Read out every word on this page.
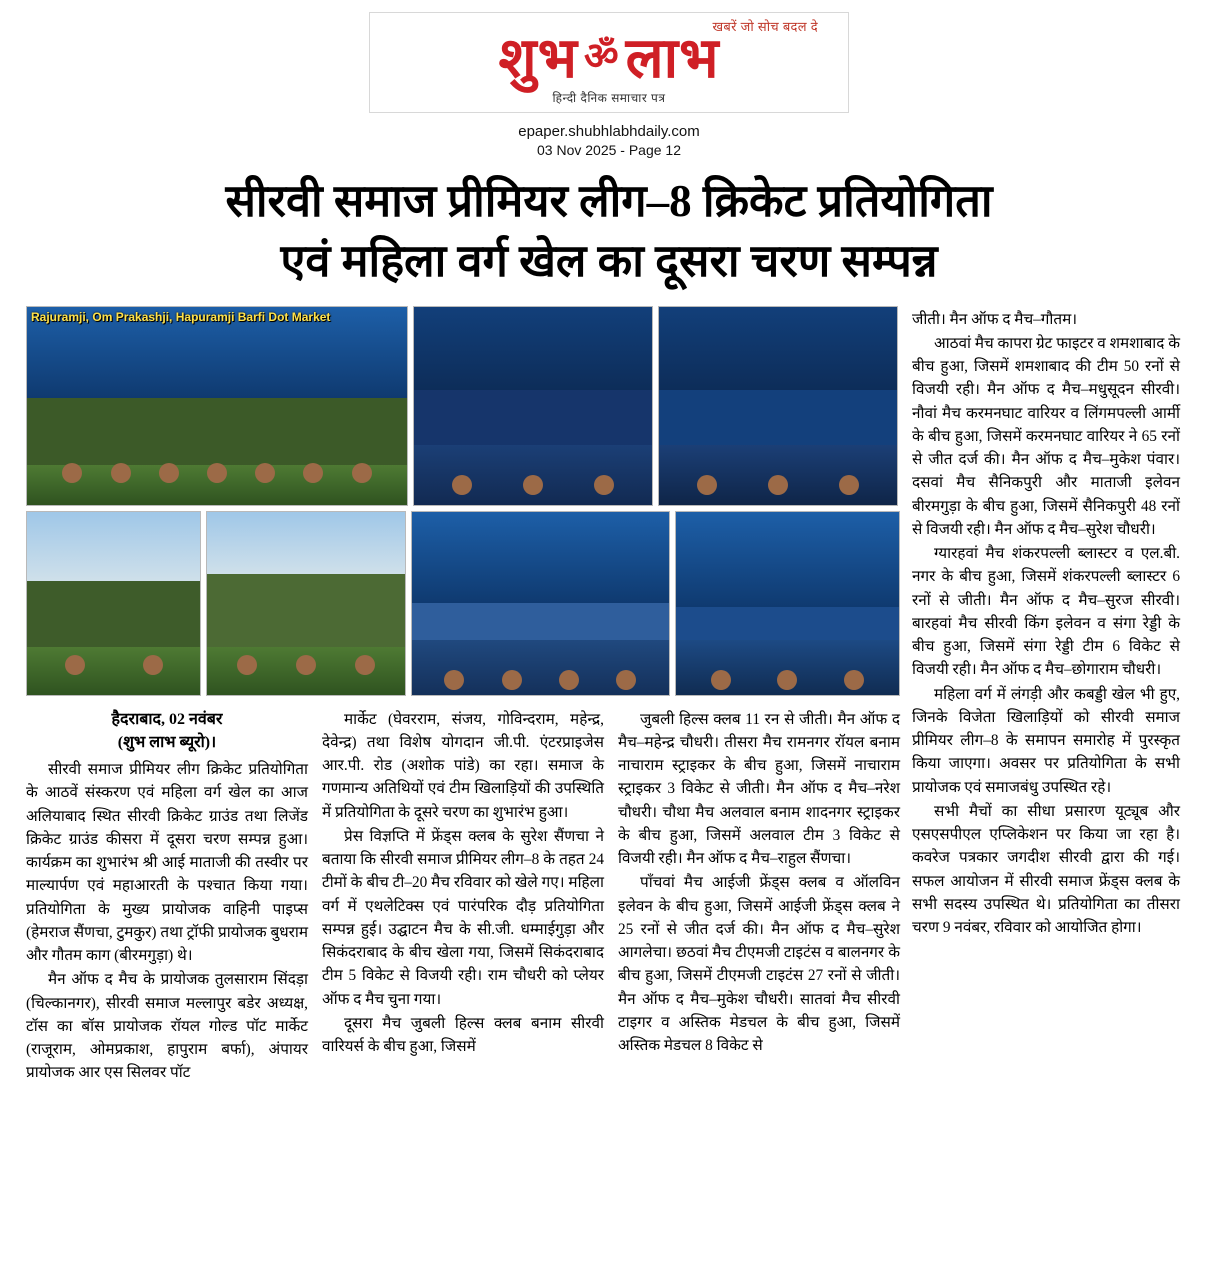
खबरें जो सोच बदल दे
शुभ ॐ लाभ
हिन्दी दैनिक समाचार पत्र
epaper.shubhlabhdaily.com
03 Nov 2025 - Page 12
सीरवी समाज प्रीमियर लीग–8 क्रिकेट प्रतियोगिता
एवं महिला वर्ग खेल का दूसरा चरण सम्पन्न
Rajuramji, Om Prakashji, Hapuramji Barfi Dot Market
हैदराबाद, 02 नवंबर
(शुभ लाभ ब्यूरो)।

सीरवी समाज प्रीमियर लीग क्रिकेट प्रतियोगिता के आठवें संस्करण एवं महिला वर्ग खेल का आज अलियाबाद स्थित सीरवी क्रिकेट ग्राउंड तथा लिजेंड क्रिकेट ग्राउंड कीसरा में दूसरा चरण सम्पन्न हुआ। कार्यक्रम का शुभारंभ श्री आई माताजी की तस्वीर पर माल्यार्पण एवं महाआरती के पश्चात किया गया। प्रतियोगिता के मुख्य प्रायोजक वाहिनी पाइप्स (हेमराज सैंणचा, टुमकुर) तथा ट्रॉफी प्रायोजक बुधराम और गौतम काग (बीरमगुड़ा) थे।

मैन ऑफ द मैच के प्रायोजक तुलसाराम सिंदड़ा (चिल्कानगर), सीरवी समाज मल्लापुर बडेर अध्यक्ष, टॉस का बॉस प्रायोजक रॉयल गोल्ड पॉट मार्केट (राजूराम, ओमप्रकाश, हापुराम बर्फा), अंपायर प्रायोजक आर एस सिलवर पॉट

मार्केट (घेवरराम, संजय, गोविन्दराम, महेन्द्र, देवेन्द्र) तथा विशेष योगदान जी.पी. एंटरप्राइजेस आर.पी. रोड (अशोक पांडे) का रहा। समाज के गणमान्य अतिथियों एवं टीम खिलाड़ियों की उपस्थिति में प्रतियोगिता के दूसरे चरण का शुभारंभ हुआ।

प्रेस विज्ञप्ति में फ्रेंड्स क्लब के सुरेश सैंणचा ने बताया कि सीरवी समाज प्रीमियर लीग–8 के तहत 24 टीमों के बीच टी–20 मैच रविवार को खेले गए। महिला वर्ग में एथलेटिक्स एवं पारंपरिक दौड़ प्रतियोगिता सम्पन्न हुई। उद्घाटन मैच के सी.जी. धम्माईगुड़ा और सिकंदराबाद के बीच खेला गया, जिसमें सिकंदराबाद टीम 5 विकेट से विजयी रही। राम चौधरी को प्लेयर ऑफ द मैच चुना गया।

दूसरा मैच जुबली हिल्स क्लब बनाम सीरवी वारियर्स के बीच हुआ, जिसमें

जुबली हिल्स क्लब 11 रन से जीती। मैन ऑफ द मैच–महेन्द्र चौधरी। तीसरा मैच रामनगर रॉयल बनाम नाचाराम स्ट्राइकर के बीच हुआ, जिसमें नाचाराम स्ट्राइकर 3 विकेट से जीती। मैन ऑफ द मैच–नरेश चौधरी। चौथा मैच अलवाल बनाम शादनगर स्ट्राइकर के बीच हुआ, जिसमें अलवाल टीम 3 विकेट से विजयी रही। मैन ऑफ द मैच–राहुल सैंणचा।

पाँचवां मैच आईजी फ्रेंड्स क्लब व ऑलविन इलेवन के बीच हुआ, जिसमें आईजी फ्रेंड्स क्लब ने 25 रनों से जीत दर्ज की। मैन ऑफ द मैच–सुरेश आगलेचा। छठवां मैच टीएमजी टाइटंस व बालनगर के बीच हुआ, जिसमें टीएमजी टाइटंस 27 रनों से जीती। मैन ऑफ द मैच–मुकेश चौधरी। सातवां मैच सीरवी टाइगर व अस्तिक मेडचल के बीच हुआ, जिसमें अस्तिक मेडचल 8 विकेट से

जीती। मैन ऑफ द मैच–गौतम।

आठवां मैच कापरा ग्रेट फाइटर व शमशाबाद के बीच हुआ, जिसमें शमशाबाद की टीम 50 रनों से विजयी रही। मैन ऑफ द मैच–मधुसूदन सीरवी। नौवां मैच करमनघाट वारियर व लिंगमपल्ली आर्मी के बीच हुआ, जिसमें करमनघाट वारियर ने 65 रनों से जीत दर्ज की। मैन ऑफ द मैच–मुकेश पंवार। दसवां मैच सैनिकपुरी और माताजी इलेवन बीरमगुड़ा के बीच हुआ, जिसमें सैनिकपुरी 48 रनों से विजयी रही। मैन ऑफ द मैच–सुरेश चौधरी।

ग्यारहवां मैच शंकरपल्ली ब्लास्टर व एल.बी. नगर के बीच हुआ, जिसमें शंकरपल्ली ब्लास्टर 6 रनों से जीती। मैन ऑफ द मैच–सुरज सीरवी। बारहवां मैच सीरवी किंग इलेवन व संगा रेड्डी के बीच हुआ, जिसमें संगा रेड्डी टीम 6 विकेट से विजयी रही। मैन ऑफ द मैच–छोगाराम चौधरी।

महिला वर्ग में लंगड़ी और कबड्डी खेल भी हुए, जिनके विजेता खिलाड़ियों को सीरवी समाज प्रीमियर लीग–8 के समापन समारोह में पुरस्कृत किया जाएगा। अवसर पर प्रतियोगिता के सभी प्रायोजक एवं समाजबंधु उपस्थित रहे।

सभी मैचों का सीधा प्रसारण यूट्यूब और एसएसपीएल एप्लिकेशन पर किया जा रहा है। कवरेज पत्रकार जगदीश सीरवी द्वारा की गई। सफल आयोजन में सीरवी समाज फ्रेंड्स क्लब के सभी सदस्य उपस्थित थे। प्रतियोगिता का तीसरा चरण 9 नवंबर, रविवार को आयोजित होगा।
